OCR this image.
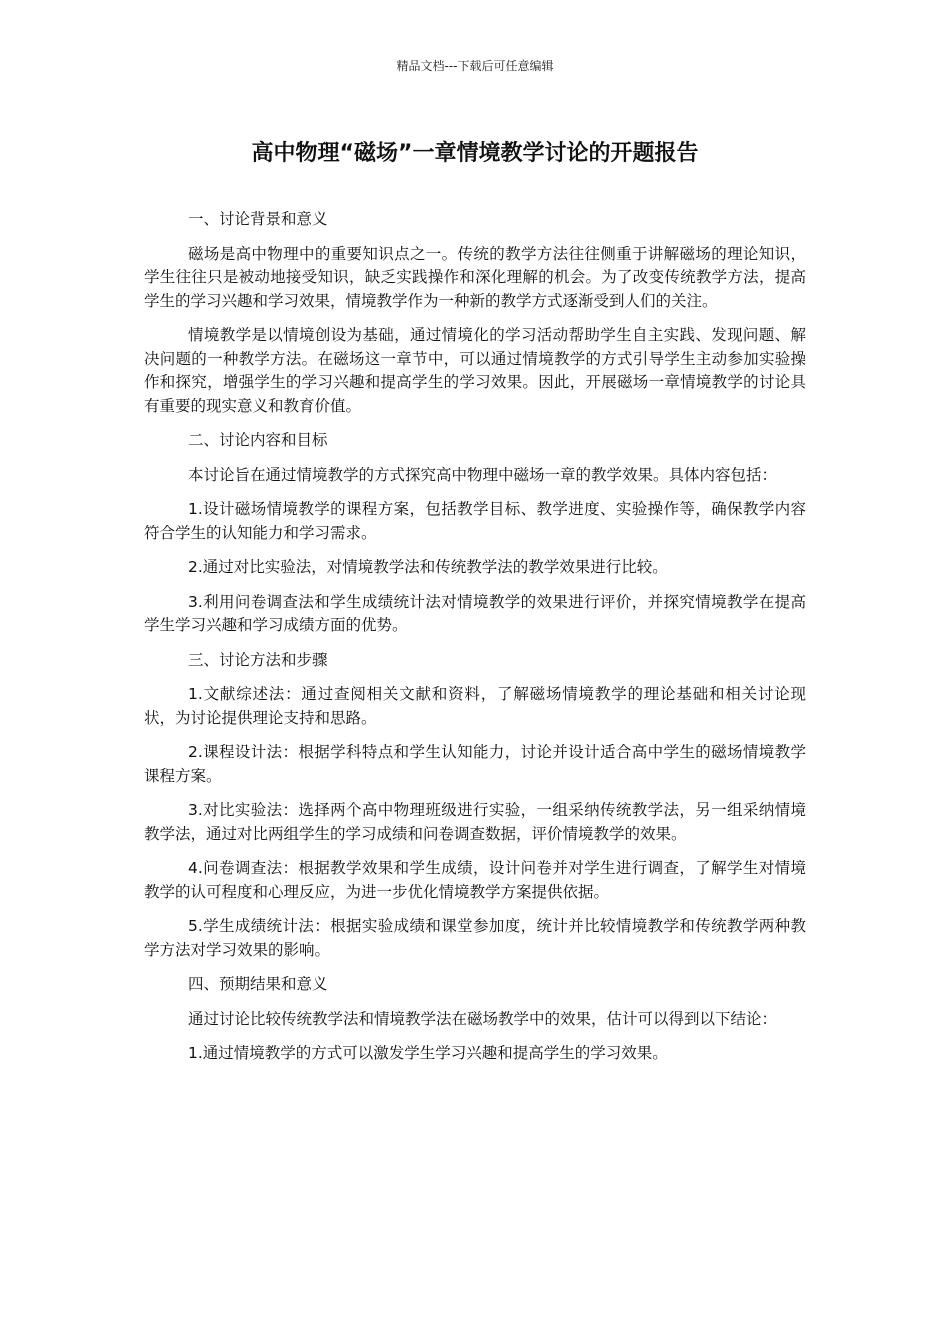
精品文档---下载后可任意编辑
高中物理“磁场”一章情境教学讨论的开题报告

一、讨论背景和意义

磁场是高中物理中的重要知识点之一。传统的教学方法往往侧重于讲解磁场的理论知识，学生往往只是被动地接受知识，缺乏实践操作和深化理解的机会。为了改变传统教学方法，提高学生的学习兴趣和学习效果，情境教学作为一种新的教学方式逐渐受到人们的关注。

情境教学是以情境创设为基础，通过情境化的学习活动帮助学生自主实践、发现问题、解决问题的一种教学方法。在磁场这一章节中，可以通过情境教学的方式引导学生主动参加实验操作和探究，增强学生的学习兴趣和提高学生的学习效果。因此，开展磁场一章情境教学的讨论具有重要的现实意义和教育价值。

二、讨论内容和目标

本讨论旨在通过情境教学的方式探究高中物理中磁场一章的教学效果。具体内容包括：

1.设计磁场情境教学的课程方案，包括教学目标、教学进度、实验操作等，确保教学内容符合学生的认知能力和学习需求。

2.通过对比实验法，对情境教学法和传统教学法的教学效果进行比较。

3.利用问卷调查法和学生成绩统计法对情境教学的效果进行评价，并探究情境教学在提高学生学习兴趣和学习成绩方面的优势。

三、讨论方法和步骤

1.文献综述法：通过查阅相关文献和资料，了解磁场情境教学的理论基础和相关讨论现状，为讨论提供理论支持和思路。

2.课程设计法：根据学科特点和学生认知能力，讨论并设计适合高中学生的磁场情境教学课程方案。

3.对比实验法：选择两个高中物理班级进行实验，一组采纳传统教学法，另一组采纳情境教学法，通过对比两组学生的学习成绩和问卷调查数据，评价情境教学的效果。

4.问卷调查法：根据教学效果和学生成绩，设计问卷并对学生进行调查，了解学生对情境教学的认可程度和心理反应，为进一步优化情境教学方案提供依据。

5.学生成绩统计法：根据实验成绩和课堂参加度，统计并比较情境教学和传统教学两种教学方法对学习效果的影响。

四、预期结果和意义

通过讨论比较传统教学法和情境教学法在磁场教学中的效果，估计可以得到以下结论：

1.通过情境教学的方式可以激发学生学习兴趣和提高学生的学习效果。
